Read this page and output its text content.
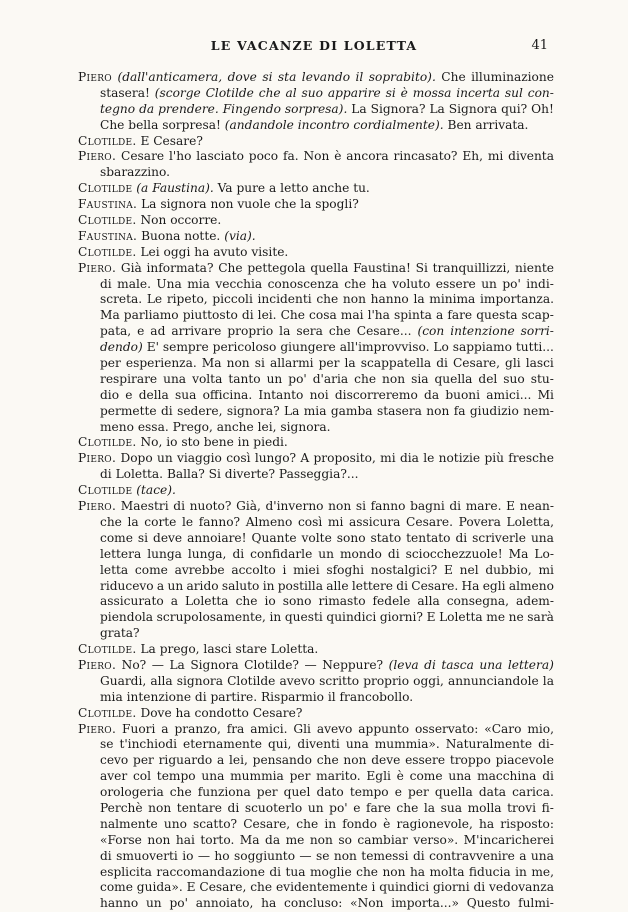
LE VACANZE DI LOLETTA	41
Piero (dall'anticamera, dove si sta levando il soprabito). Che illuminazione
stasera! (scorge Clotilde che al suo apparire si è mossa incerta sul con-
tegno da prendere. Fingendo sorpresa). La Signora? La Signora qui? Oh!
Che bella sorpresa! (andandole incontro cordialmente). Ben arrivata.
Clotilde. E Cesare?
Piero. Cesare l'ho lasciato poco fa. Non è ancora rincasato? Eh, mi diventa
sbarazzino.
Clotilde (a Faustina). Va pure a letto anche tu.
Faustina. La signora non vuole che la spogli?
Clotilde. Non occorre.
Faustina. Buona notte. (via).
Clotilde. Lei oggi ha avuto visite.
Piero. Già informata? Che pettegola quella Faustina! Si tranquillizzi, niente
di male. Una mia vecchia conoscenza che ha voluto essere un po' indi-
screta. Le ripeto, piccoli incidenti che non hanno la minima importanza.
Ma parliamo piuttosto di lei. Che cosa mai l'ha spinta a fare questa scap-
pata, e ad arrivare proprio la sera che Cesare... (con intenzione sorri-
dendo) E' sempre pericoloso giungere all'improvviso. Lo sappiamo tutti...
per esperienza. Ma non si allarmi per la scappatella di Cesare, gli lasci
respirare una volta tanto un po' d'aria che non sia quella del suo stu-
dio e della sua officina. Intanto noi discorreremo da buoni amici... Mi
permette di sedere, signora? La mia gamba stasera non fa giudizio nem-
meno essa. Prego, anche lei, signora.
Clotilde. No, io sto bene in piedi.
Piero. Dopo un viaggio così lungo? A proposito, mi dia le notizie più fresche
di Loletta. Balla? Si diverte? Passeggia?...
Clotilde (tace).
Piero. Maestri di nuoto? Già, d'inverno non si fanno bagni di mare. E nean-
che la corte le fanno? Almeno così mi assicura Cesare. Povera Loletta,
come si deve annoiare! Quante volte sono stato tentato di scriverle una
lettera lunga lunga, di confidarle un mondo di sciocchezzuole! Ma Lo-
letta come avrebbe accolto i miei sfoghi nostalgici? E nel dubbio, mi
riducevo a un arido saluto in postilla alle lettere di Cesare. Ha egli almeno
assicurato a Loletta che io sono rimasto fedele alla consegna, adem-
piendola scrupolosamente, in questi quindici giorni? E Loletta me ne sarà
grata?
Clotilde. La prego, lasci stare Loletta.
Piero. No? — La Signora Clotilde? — Neppure? (leva di tasca una lettera)
Guardi, alla signora Clotilde avevo scritto proprio oggi, annunciandole la
mia intenzione di partire. Risparmio il francobollo.
Clotilde. Dove ha condotto Cesare?
Piero. Fuori a pranzo, fra amici. Gli avevo appunto osservato: «Caro mio,
se t'inchiodi eternamente qui, diventi una mummia». Naturalmente di-
cevo per riguardo a lei, pensando che non deve essere troppo piacevole
aver col tempo una mummia per marito. Egli è come una macchina di
orologeria che funziona per quel dato tempo e per quella data carica.
Perchè non tentare di scuoterlo un po' e fare che la sua molla trovi fi-
nalmente uno scatto? Cesare, che in fondo è ragionevole, ha risposto:
«Forse non hai torto. Ma da me non so cambiar verso». M'incaricherei
di smuoverti io — ho soggiunto — se non temessi di contravvenire a una
esplicita raccomandazione di tua moglie che non ha molta fiducia in me,
come guida». E Cesare, che evidentemente i quindici giorni di vedovanza
hanno un po' annoiato, ha concluso: «Non importa...» Questo fulmi-
